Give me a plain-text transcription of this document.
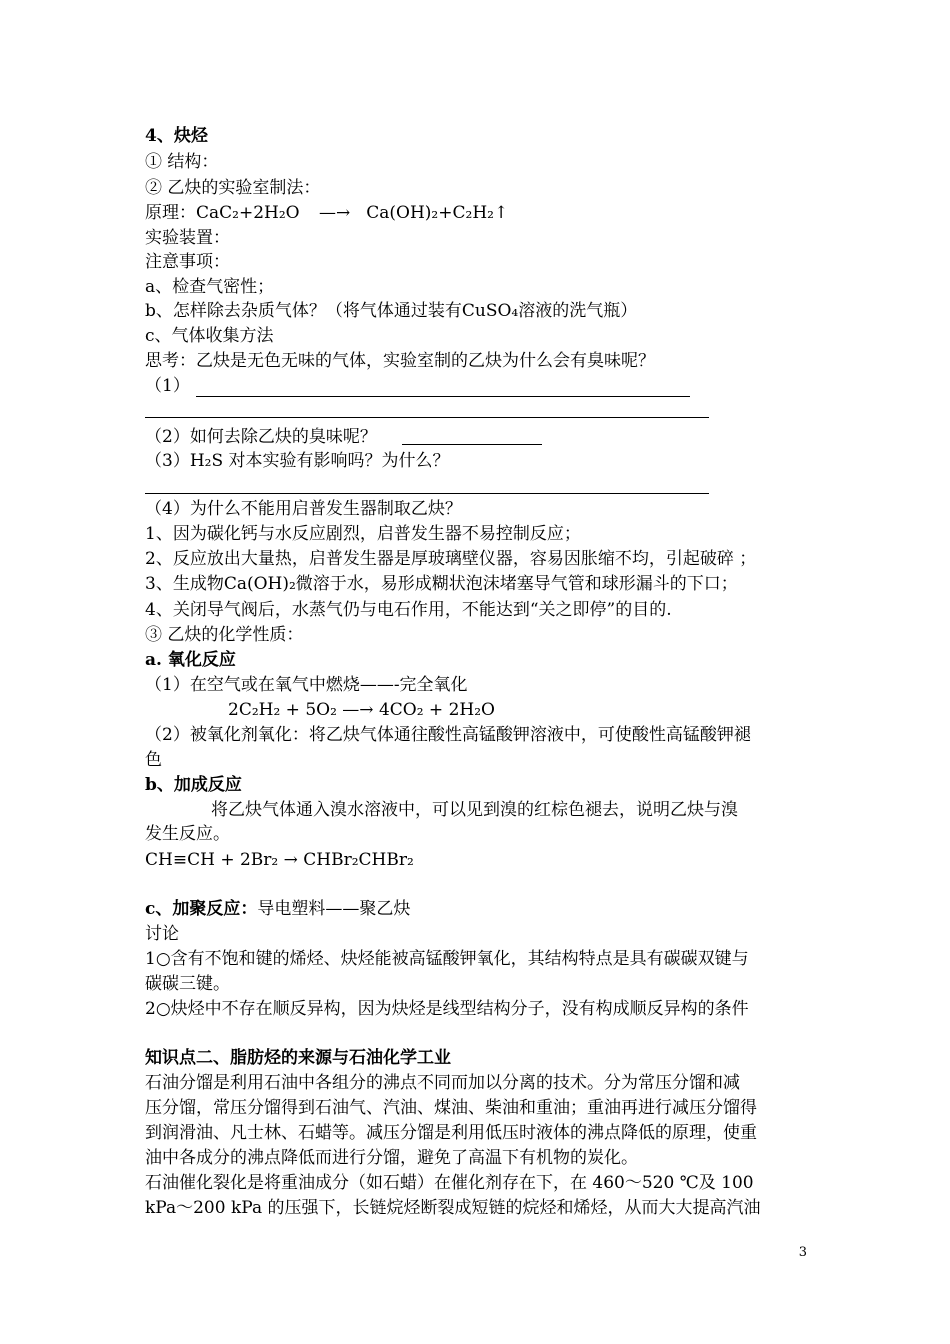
4、炔烃
① 结构：
② 乙炔的实验室制法：
原理：CaC₂+2H₂O —→ Ca(OH)₂+C₂H₂↑
实验装置：
注意事项：
a、检查气密性；
b、怎样除去杂质气体？（将气体通过装有CuSO₄溶液的洗气瓶）
c、气体收集方法
思考：乙炔是无色无味的气体，实验室制的乙炔为什么会有臭味呢？
（1）
（2）如何去除乙炔的臭味呢？
（3）H₂S 对本实验有影响吗？为什么？
（4）为什么不能用启普发生器制取乙炔？
1、因为碳化钙与水反应剧烈，启普发生器不易控制反应；
2、反应放出大量热，启普发生器是厚玻璃壁仪器，容易因胀缩不均，引起破碎 ；
3、生成物Ca(OH)₂微溶于水，易形成糊状泡沫堵塞导气管和球形漏斗的下口；
4、关闭导气阀后，水蒸气仍与电石作用，不能达到“关之即停”的目的.
③ 乙炔的化学性质：
a. 氧化反应
（1）在空气或在氧气中燃烧——-完全氧化
2C₂H₂ + 5O₂ —→ 4CO₂ + 2H₂O
（2）被氧化剂氧化：将乙炔气体通往酸性高锰酸钾溶液中，可使酸性高锰酸钾褪
色
b、加成反应
将乙炔气体通入溴水溶液中，可以见到溴的红棕色褪去，说明乙炔与溴
发生反应。
CH≡CH + 2Br₂ → CHBr₂CHBr₂
c、加聚反应：导电塑料——聚乙炔
讨论
1○含有不饱和键的烯烃、炔烃能被高锰酸钾氧化，其结构特点是具有碳碳双键与
碳碳三键。
2○炔烃中不存在顺反异构，因为炔烃是线型结构分子，没有构成顺反异构的条件
知识点二、脂肪烃的来源与石油化学工业
石油分馏是利用石油中各组分的沸点不同而加以分离的技术。分为常压分馏和减
压分馏，常压分馏得到石油气、汽油、煤油、柴油和重油；重油再进行减压分馏得
到润滑油、凡士林、石蜡等。减压分馏是利用低压时液体的沸点降低的原理，使重
油中各成分的沸点降低而进行分馏，避免了高温下有机物的炭化。
石油催化裂化是将重油成分（如石蜡）在催化剂存在下，在 460～520 ℃及 100
kPa～200 kPa 的压强下，长链烷烃断裂成短链的烷烃和烯烃，从而大大提高汽油
3
